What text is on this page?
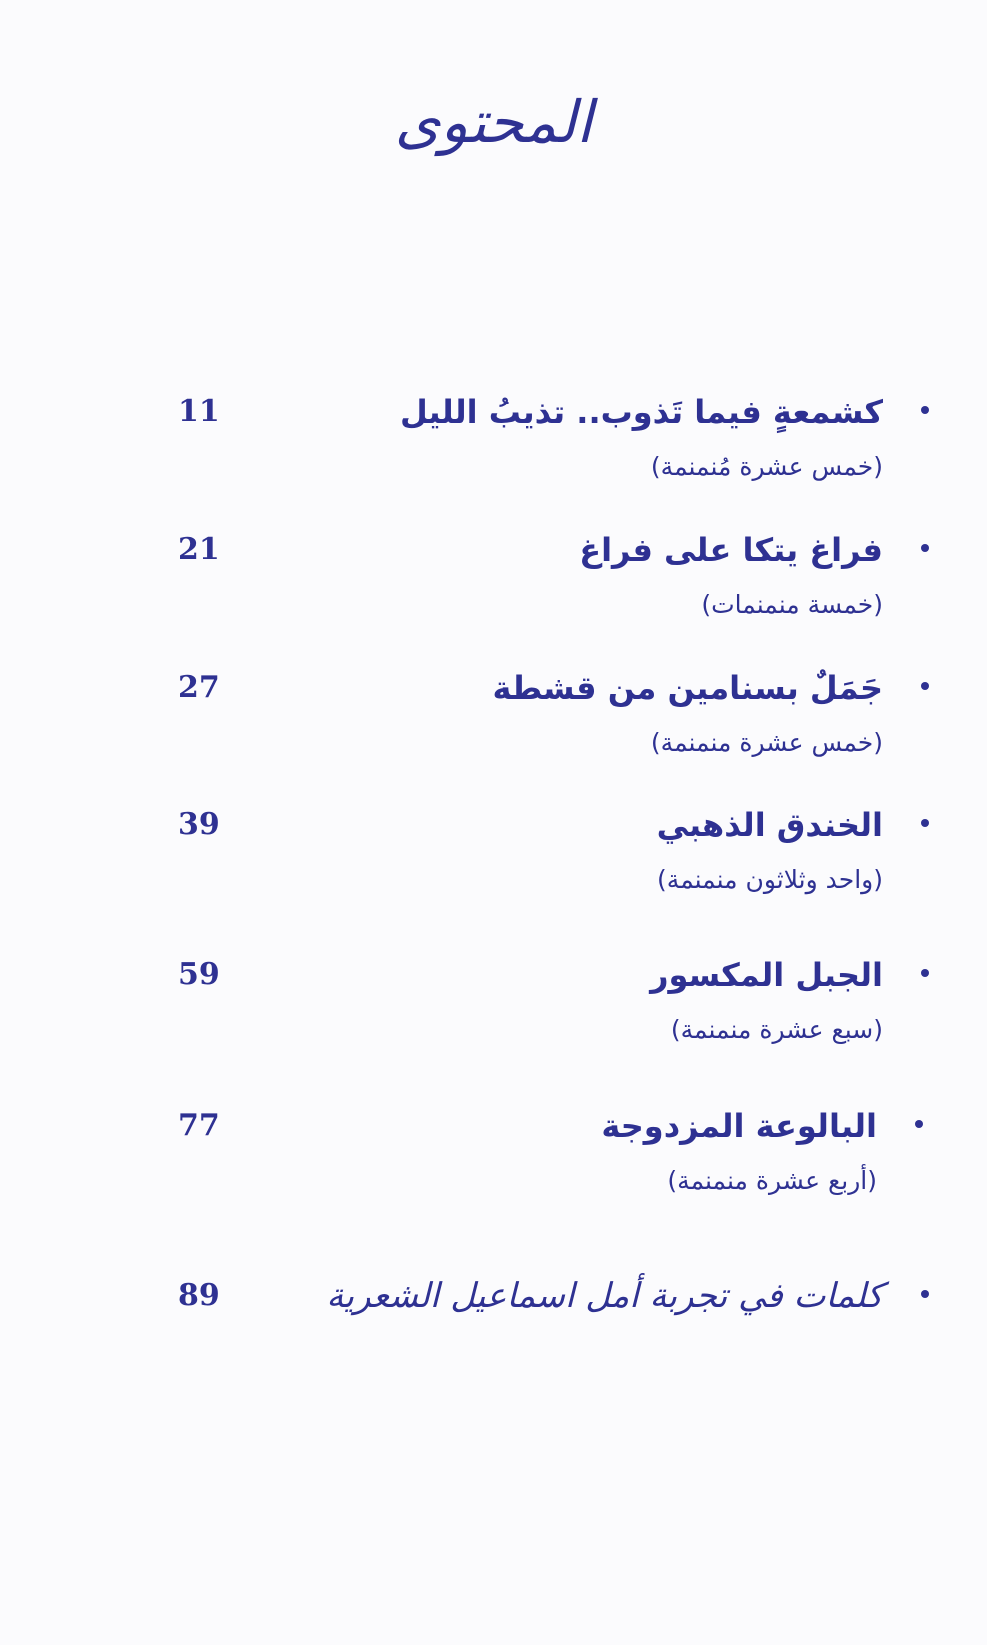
المحتوى
11	كشمعةٍ فيما تَذوب.. تذيبُ الليل
(خمس عشرة مُنمنمة)
21	فراغ يتكا على فراغ
(خمسة منمنمات)
27	جَمَلٌ بسنامين من قشطة
(خمس عشرة منمنمة)
39	الخندق الذهبي
(واحد وثلاثون منمنمة)
59	الجبل المكسور
(سبع عشرة منمنمة)
77	البالوعة المزدوجة
(أربع عشرة منمنمة)
89	كلمات في تجربة أمل اسماعيل الشعرية
